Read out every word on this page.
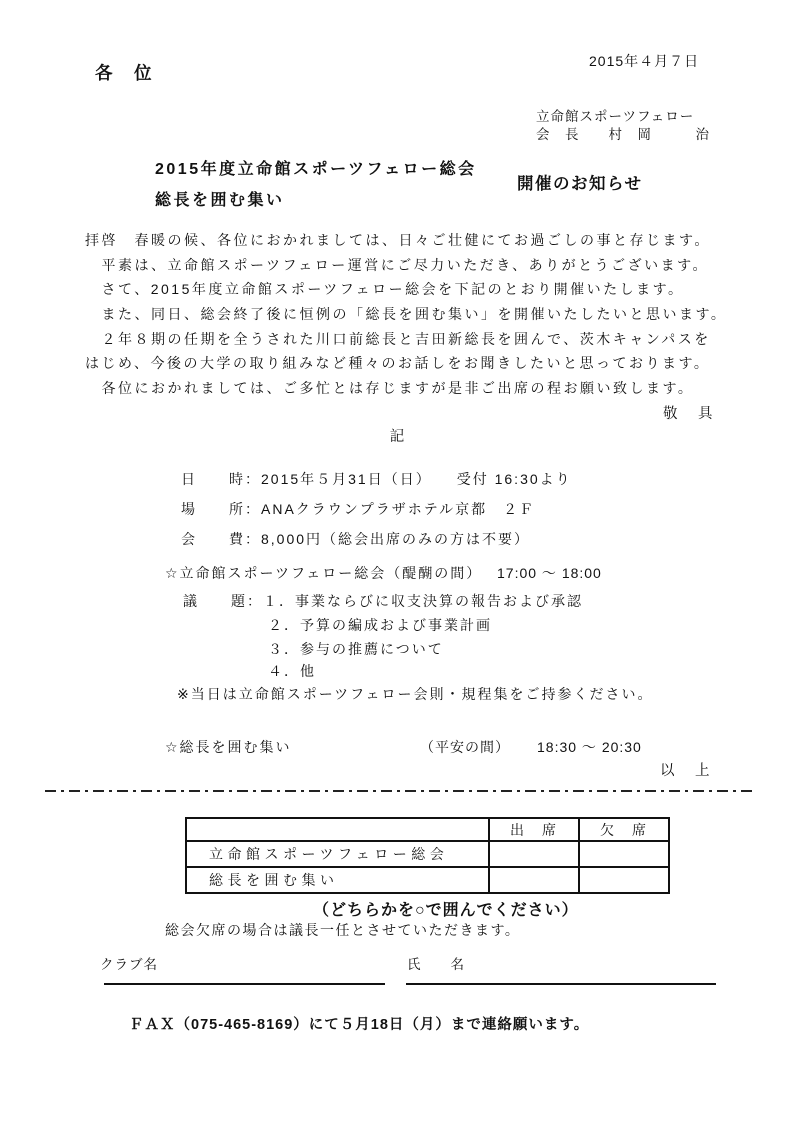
2015年４月７日
各　位
立命館スポーツフェロー
会　長　　村　岡　　　治
2015年度立命館スポーツフェロー総会
総長を囲む集い
開催のお知らせ
拝啓　春暖の候、各位におかれましては、日々ご壮健にてお過ごしの事と存じます。
　平素は、立命館スポーツフェロー運営にご尽力いただき、ありがとうございます。
　さて、2015年度立命館スポーツフェロー総会を下記のとおり開催いたします。
　また、同日、総会終了後に恒例の「総長を囲む集い」を開催いたしたいと思います。
　２年８期の任期を全うされた川口前総長と吉田新総長を囲んで、茨木キャンパスを
はじめ、今後の大学の取り組みなど種々のお話しをお聞きしたいと思っております。
　各位におかれましては、ご多忙とは存じますが是非ご出席の程お願い致します。
敬　具
記
日　　時：2015年５月31日（日）　　受付 16:30より
場　　所：ANAクラウンプラザホテル京都　２Ｆ
会　　費：8,000円（総会出席のみの方は不要）
☆立命館スポーツフェロー総会（醍醐の間） 17:00 ～ 18:00
議　　題：１．事業ならびに収支決算の報告および承認
２．予算の編成および事業計画
３．参与の推薦について
４．他
※当日は立命館スポーツフェロー会則・規程集をご持参ください。
☆総長を囲む集い	（平安の間） 18:30 ～ 20:30
以　上
	出　席	欠　席
立命館スポーツフェロー総会		
総長を囲む集い		
（どちらかを○で囲んでください）
総会欠席の場合は議長一任とさせていただきます。
クラブ名	氏　　名
ＦＡＸ（075-465-8169）にて５月18日（月）まで連絡願います。
